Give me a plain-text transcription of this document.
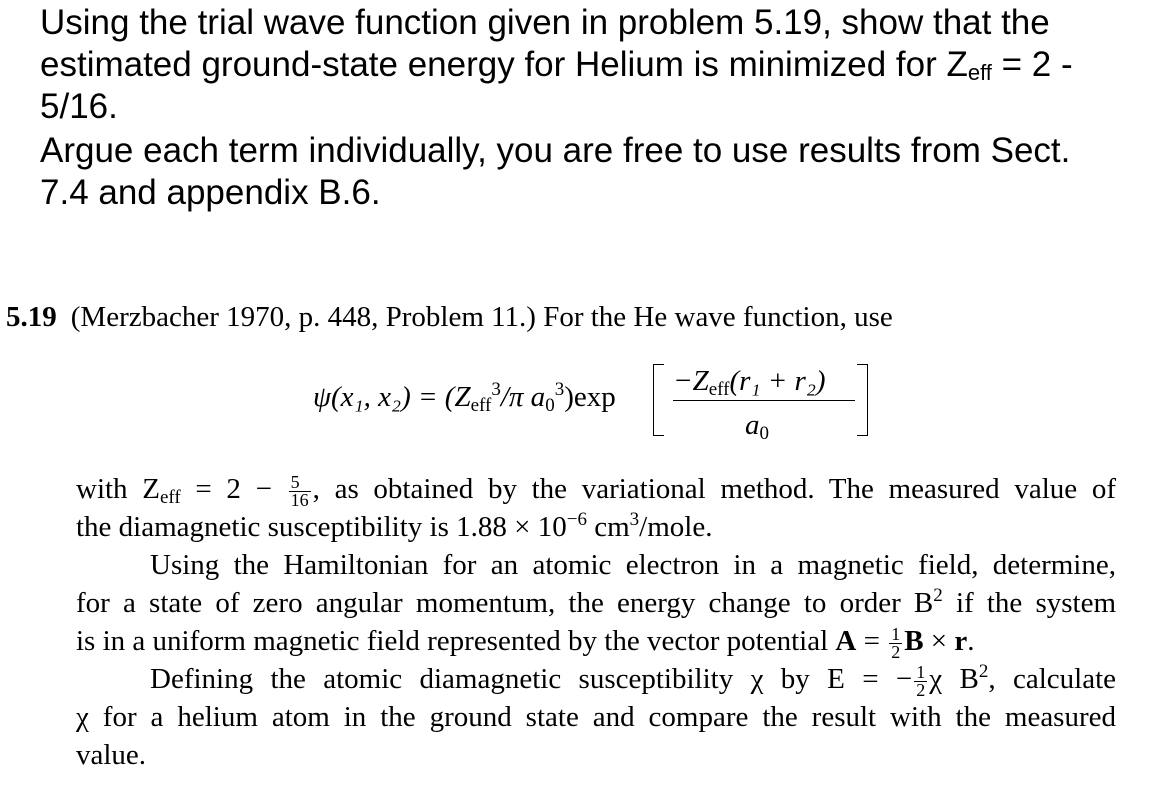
Using the trial wave function given in problem 5.19, show that the

estimated ground-state energy for Helium is minimized for $Z_{eff} = 2$ -

5/16.

Argue each term individually, you are free to use results from Sect.

7.4 and appendix B.6.

5.19 (Merzbacher 1970, p. 448, Problem 11.) For the He wave function, use
ψ(x₁, $x_2) = (Z_{eff}^3/\pi$ $a_0^3)\exp -Z_{eff}(r_1 + r_2)$
$a_0$
with $Z_{eff} = 2 - \frac{5}{16}$ , as obtained by the variational method. The measured value of
the diamagnetic susceptibility is $1.88 \times 10^{-6}$ $cm^3$/mole.
Using the Hamiltonian for an atomic electron in a magnetic field, determine,
for a state of zero angular momentum, the energy change to order $B^2$ if the system
is in a uniform magnetic field represented by the vector potential $A = \frac{1}{2}$ B × r.
Defining the atomic diamagnetic susceptibility χ by E = − $\frac{1}{2}$ χ $B^2$, calculate
χ for a helium atom in the ground state and compare the result with the measured
value.
